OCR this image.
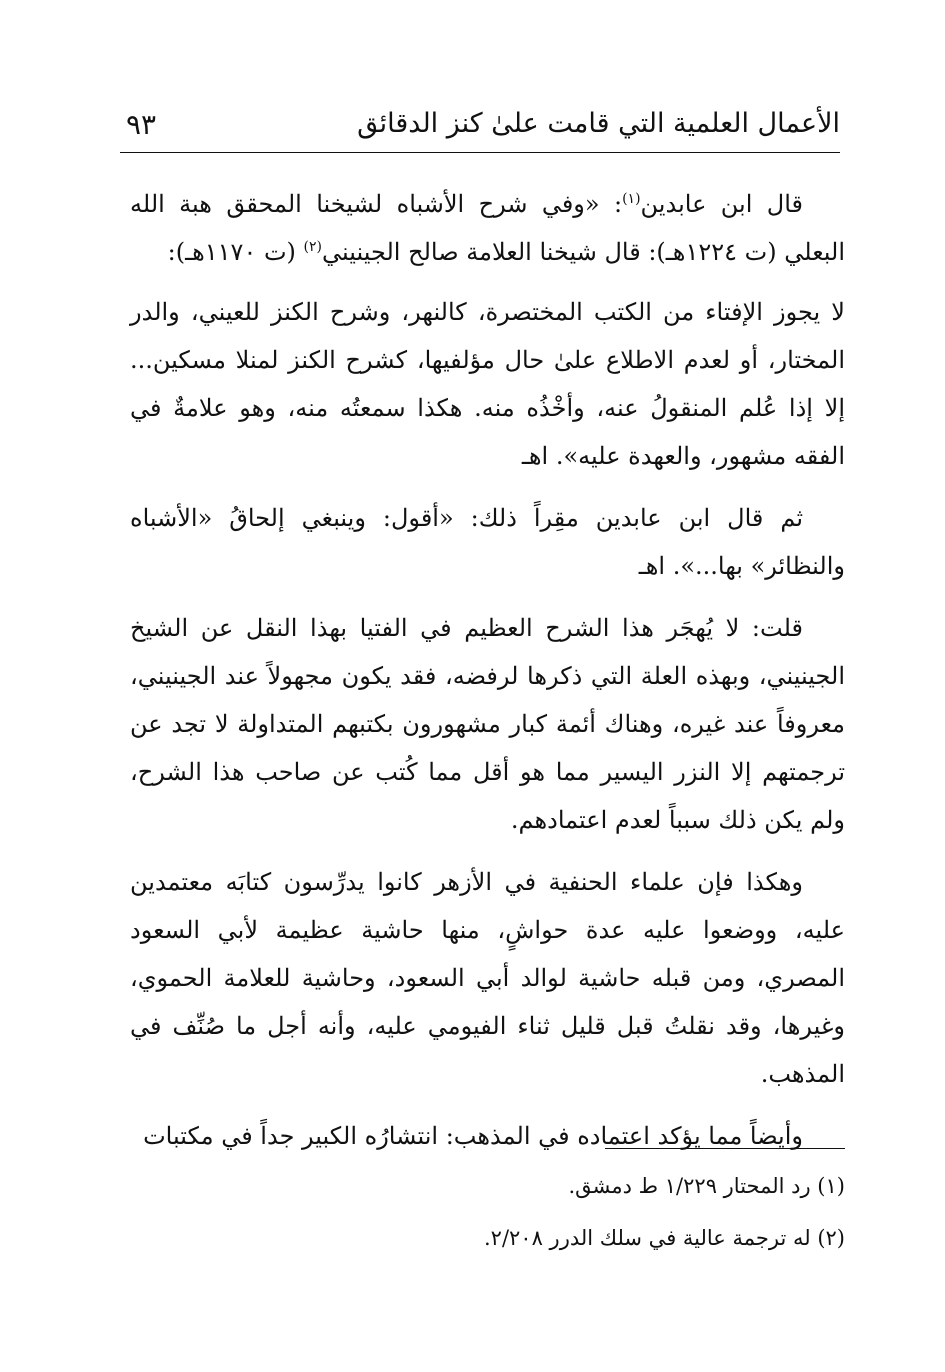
الأعمال العلمية التي قامت علىٰ كنز الدقائق
٩٣

قال ابن عابدين$^{(١)}$: «وفي شرح الأشباه لشيخنا المحقق هبة الله البعلي (ت ١٢٢٤هـ): قال شيخنا العلامة صالح الجينيني$^{(٢)}$ (ت ١١٧٠هـ):

لا يجوز الإفتاء من الكتب المختصرة، كالنهر، وشرح الكنز للعيني، والدر المختار، أو لعدم الاطلاع علىٰ حال مؤلفيها، كشرح الكنز لمنلا مسكين... إلا إذا عُلم المنقولُ عنه، وأخْذُه منه. هكذا سمعتُه منه، وهو علامةٌ في الفقه مشهور، والعهدة عليه». اهـ

ثم قال ابن عابدين مقِراً ذلك: «أقول: وينبغي إلحاقُ «الأشباه والنظائر» بها...». اهـ

قلت: لا يُهجَر هذا الشرح العظيم في الفتيا بهذا النقل عن الشيخ الجينيني، وبهذه العلة التي ذكرها لرفضه، فقد يكون مجهولاً عند الجينيني، معروفاً عند غيره، وهناك أئمة كبار مشهورون بكتبهم المتداولة لا تجد عن ترجمتهم إلا النزر اليسير مما هو أقل مما كُتب عن صاحب هذا الشرح، ولم يكن ذلك سبباً لعدم اعتمادهم.

وهكذا فإن علماء الحنفية في الأزهر كانوا يدرِّسون كتابَه معتمدين عليه، ووضعوا عليه عدة حواشٍ، منها حاشية عظيمة لأبي السعود المصري، ومن قبله حاشية لوالد أبي السعود، وحاشية للعلامة الحموي، وغيرها، وقد نقلتُ قبل قليل ثناء الفيومي عليه، وأنه أجل ما صُنِّف في المذهب.

وأيضاً مما يؤكد اعتماده في المذهب: انتشارُه الكبير جداً في مكتبات

(١) رد المحتار ١/٢٢٩ ط دمشق.

(٢) له ترجمة عالية في سلك الدرر ٢/٢٠٨.
